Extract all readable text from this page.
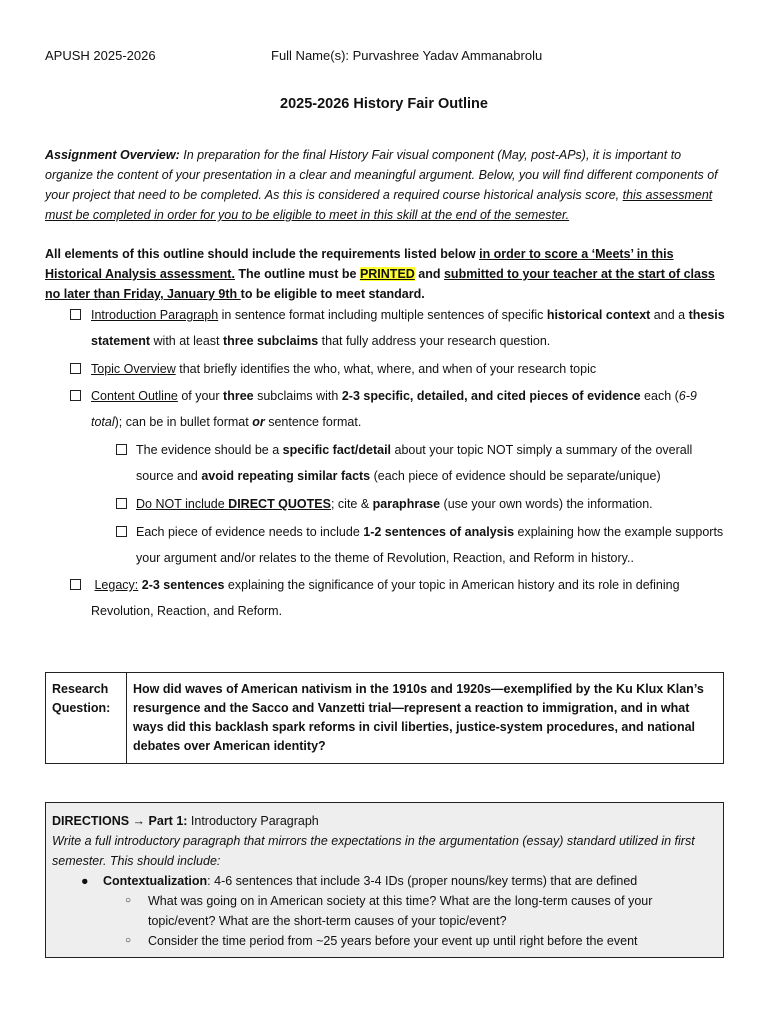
APUSH 2025-2026	Full Name(s): Purvashree Yadav Ammanabrolu
2025-2026 History Fair Outline
Assignment Overview: In preparation for the final History Fair visual component (May, post-APs), it is important to organize the content of your presentation in a clear and meaningful argument. Below, you will find different components of your project that need to be completed. As this is considered a required course historical analysis score, this assessment must be completed in order for you to be eligible to meet in this skill at the end of the semester.
All elements of this outline should include the requirements listed below in order to score a ‘Meets’ in this Historical Analysis assessment. The outline must be PRINTED and submitted to your teacher at the start of class no later than Friday, January 9th to be eligible to meet standard.
Introduction Paragraph in sentence format including multiple sentences of specific historical context and a thesis statement with at least three subclaims that fully address your research question.
Topic Overview that briefly identifies the who, what, where, and when of your research topic
Content Outline of your three subclaims with 2-3 specific, detailed, and cited pieces of evidence each (6-9 total); can be in bullet format or sentence format.
The evidence should be a specific fact/detail about your topic NOT simply a summary of the overall source and avoid repeating similar facts (each piece of evidence should be separate/unique)
Do NOT include DIRECT QUOTES; cite & paraphrase (use your own words) the information.
Each piece of evidence needs to include 1-2 sentences of analysis explaining how the example supports your argument and/or relates to the theme of Revolution, Reaction, and Reform in history..
Legacy: 2-3 sentences explaining the significance of your topic in American history and its role in defining Revolution, Reaction, and Reform.
Research Question:	How did waves of American nativism in the 1910s and 1920s—exemplified by the Ku Klux Klan’s resurgence and the Sacco and Vanzetti trial—represent a reaction to immigration, and in what ways did this backlash spark reforms in civil liberties, justice-system procedures, and national debates over American identity?
DIRECTIONS → Part 1: Introductory Paragraph
Write a full introductory paragraph that mirrors the expectations in the argumentation (essay) standard utilized in first semester. This should include:
● Contextualization: 4-6 sentences that include 3-4 IDs (proper nouns/key terms) that are defined
○ What was going on in American society at this time? What are the long-term causes of your topic/event? What are the short-term causes of your topic/event?
○ Consider the time period from ~25 years before your event up until right before the event
